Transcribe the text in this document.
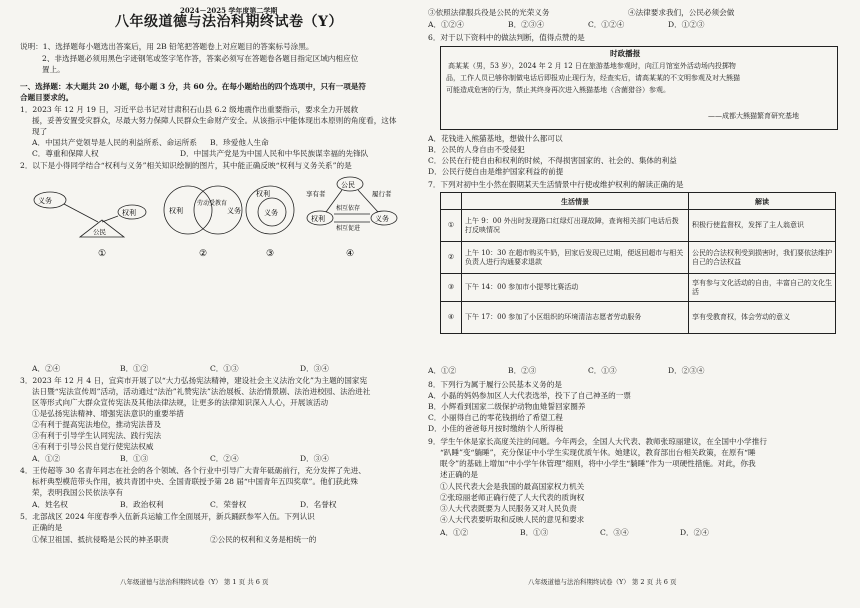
2024－2025 学年度第二学期
八年级道德与法治科期终试卷（Y）
说明：1、选择题每小题选出答案后，用 2B 铅笔把答题卷上对应题目的答案标号涂黑。
2、非选择题必须用黑色字迹钢笔或签字笔作答，答案必须写在答题卷各题目指定区域内相应位
置上。
一、选择题：本大题共 20 小题，每小题 3 分，共 60 分。在每小题给出的四个选项中，只有一项是符
合题目要求的。
1．2023 年 12 月 19 日，习近平总书记对甘肃积石山县 6.2 级地震作出重要指示，要求全力开展救
援，妥善安置受灾群众，尽最大努力保障人民群众生命财产安全。从该指示中能体现出本原则的角度看，这体
现了
A．中国共产党领导是人民的利益所系、命运所系 B．珍爱他人生命
C．尊重和保障人权	D．中国共产党是为中国人民和中华民族谋幸福的先锋队
2．以下是小得同学结合“权利与义务”相关知识绘制的图片，其中能正确反映“权利与义务关系”的是
义务
权利
公民
①
权利
劳动受教育
义务
②
权利
义务
③
公民
享有者	履行者
权利	义务
相互依存
相互促进
④
A．②④	B．①②	C．①③	D．③④
3．2023 年 12 月 4 日，宜宾市开展了以“大力弘扬宪法精神，建设社会主义法治文化”为主题的国家宪
法日暨“宪法宣传周”活动，活动通过“法治”礼赞宪法”法治展板、法治情景剧、法治进校园、法治进社
区等形式向广大群众宣传宪法及其他法律法规，让更多的法律知识深入人心，开展该活动
①是弘扬宪法精神、增强宪法意识的重要举措
②有利于提高宪法地位，推动宪法普及
③有利于引导学生认同宪法、践行宪法
④有利于引导公民自觉行使宪法权威
A．①②	B．①③	C．②④	D．③④
4．王传超等 30 名青年同志在社会的各个领域、各个行业中引导广大青年砥砺前行，充分发挥了先进、
标杆典型模范带头作用，被共青团中央、全国青联授予第 28 届“中国青年五四奖章”。他们获此殊
荣，表明我国公民依法享有
A．姓名权	B．政治权利	C．荣誉权	D．名誉权
5．北部战区 2024 年度春季入伍新兵运输工作全面展开，新兵踊跃参军入伍。下列认识
正确的是
①保卫祖国、抵抗侵略是公民的神圣职责	②公民的权利和义务是相统一的
八年级道德与法治科期终试卷（Y） 第 1 页 共 6 页
③依照法律服兵役是公民的光荣义务	④法律要求我们，公民必须会做
A．①②④	B．②③④	C．①②④	D．①②③
6．对于以下资料中的做法判断，值得点赞的是
时政播报
高某某（男，53 岁），2024 年 2 月 12 日在旅游基地参观时，向江月馆室外活动场内投掷物
品，工作人员已够你制做电话后即报劝止现行为，经查实后，请高某某的不文明参观及对大熊猫
可能造成危害的行为，禁止其终身再次进入熊猫基地（含菌猎谷）参观。
——成都大熊猫繁育研究基地
A．花钱进入熊猫基地，想做什么都可以
B．公民的人身自由不受侵犯
C．公民在行使自由和权利的时候，不得损害国家的、社会的、集体的利益
D．公民行使自由是维护国家利益的前提
7．下列对初中生小然在假期某天生活情景中行使或维护权利的解读正确的是
	生活情景	解读
①	上午 9：00 外出时发现路口红绿灯出现故障，查询相关部门电话后拨打反映情况	积极行使监督权，发挥了主人翁意识
②	上午 10：30 在超市购买牛奶，回家后发现已过期，便返回超市与相关负责人进行沟通要求退款	公民的合法权利受到损害时，我们要依法维护自己的合法权益
③	下午 14：00 参加市小提琴比赛活动	享有参与文化活动的自由，丰富自己的文化生活
④	下午 17：00 参加了小区组织的环境清洁志愿者劳动服务	享有受教育权，体会劳动的意义
A．①②	B．②③	C．①③	D．②③④
8．下列行为属于履行公民基本义务的是
A．小磊的妈妈参加区人大代表选举，投下了自己神圣的一票
B．小辉看到国家二级保护动物血雉誓回家圈养
C．小丽得自己的零花钱捐给了希望工程
D．小佳的爸爸每月按时缴纳个人所得税
9．学生午休是家长高度关注的问题。今年两会，全国人大代表、教师张琼丽建议，在全国中小学推行
“趴睡”变“躺睡”，充分保证中小学生实现优质午休。她建议，教育部出台相关政策，在原有“睡
眠令”的基础上增加“中小学午休管理”细则，将中小学生“躺睡”作为一项硬性措施。对此，你我
述正确的是
①人民代表大会是我国的最高国家权力机关
②张琼丽老师正确行使了人大代表的质询权
③人大代表既要为人民服务又对人民负责
④人大代表要听取和反映人民的意见和要求
A．①②	B．①③	C．③④	D．②④
八年级道德与法治科期终试卷（Y） 第 2 页 共 6 页
